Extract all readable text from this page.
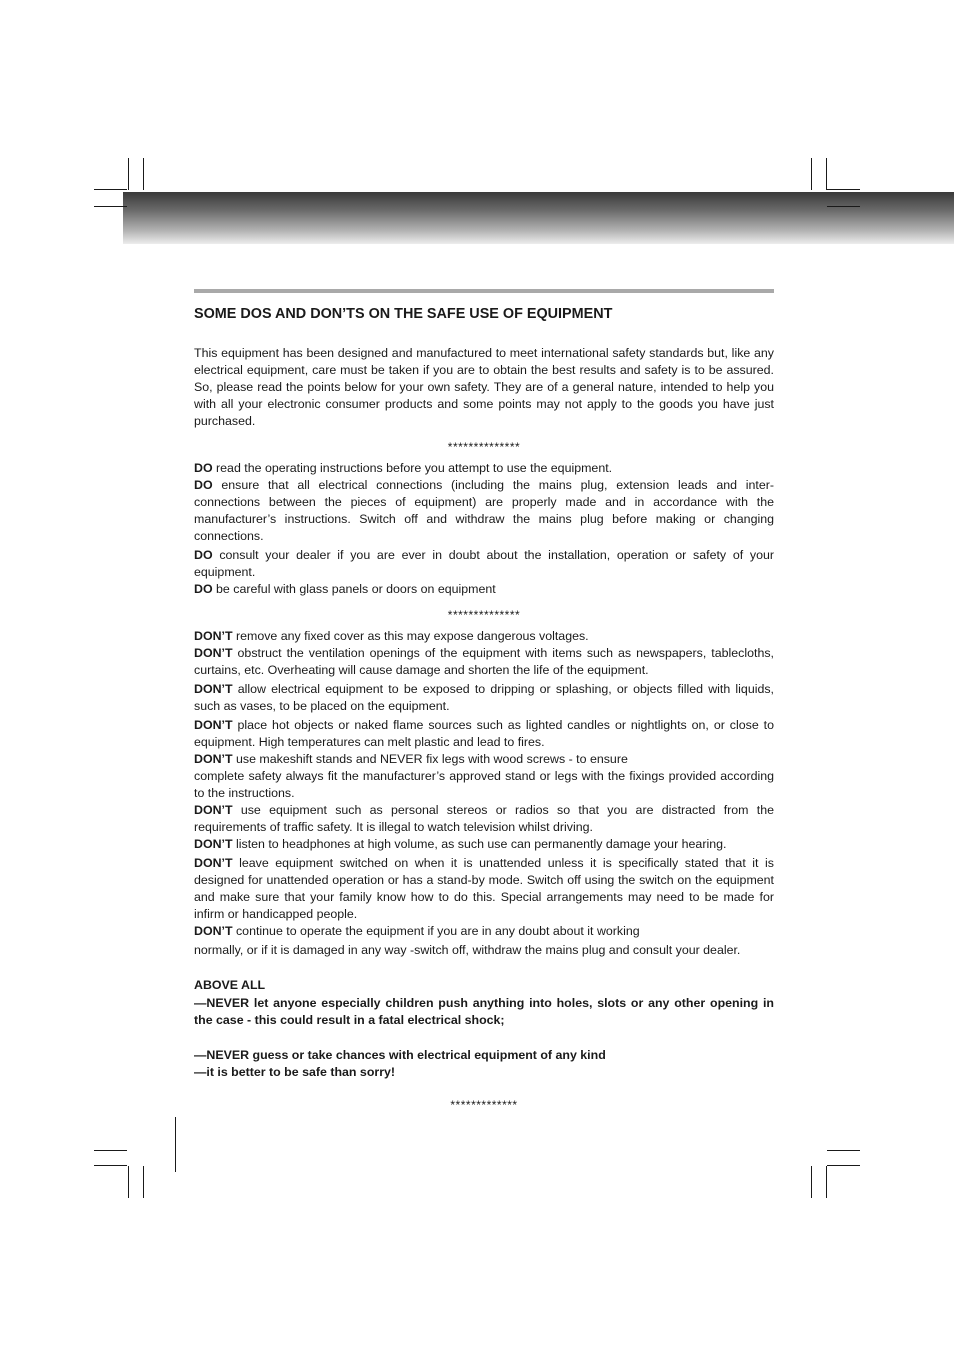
SOME DOS AND DON’TS ON THE SAFE USE OF EQUIPMENT

This equipment has been designed and manufactured to meet international safety standards but, like any electrical equipment, care must be taken if you are to obtain the best results and safety is to be assured. So, please read the points below for your own safety. They are of a general nature, intended to help you with all your electronic consumer products and some points may not apply to the goods you have just purchased.

**************

DO read the operating instructions before you attempt to use the equipment.

DO ensure that all electrical connections (including the mains plug, extension leads and inter- connections between the pieces of equipment) are properly made and in accordance with the manufacturer’s instructions. Switch off and withdraw the mains plug before making or changing connections.

DO consult your dealer if you are ever in doubt about the installation, operation or safety of your equipment.

DO be careful with glass panels or doors on equipment

**************

DON’T remove any fixed cover as this may expose dangerous voltages.

DON’T obstruct the ventilation openings of the equipment with items such as newspapers, tablecloths, curtains, etc. Overheating will cause damage and shorten the life of the equipment.

DON’T allow electrical equipment to be exposed to dripping or splashing, or objects filled with liquids, such as vases, to be placed on the equipment.

DON’T place hot objects or naked flame sources such as lighted candles or nightlights on, or close to equipment. High temperatures can melt plastic and lead to fires.

DON’T use makeshift stands and NEVER fix legs with wood screws - to ensure

complete safety always fit the manufacturer’s approved stand or legs with the fixings provided according to the instructions.

DON’T use equipment such as personal stereos or radios so that you are distracted from the requirements of traffic safety. It is illegal to watch television whilst driving.

DON’T listen to headphones at high volume, as such use can permanently damage your hearing.

DON’T leave equipment switched on when it is unattended unless it is specifically stated that it is designed for unattended operation or has a stand-by mode. Switch off using the switch on the equipment and make sure that your family know how to do this. Special arrangements may need to be made for infirm or handicapped people.

DON’T continue to operate the equipment if you are in any doubt about it working

normally, or if it is damaged in any way -switch off, withdraw the mains plug and consult your dealer.

ABOVE ALL

—NEVER let anyone especially children push anything into holes, slots or any other opening in the case - this could result in a fatal electrical shock;

—NEVER guess or take chances with electrical equipment of any kind

—it is better to be safe than sorry!

*************
